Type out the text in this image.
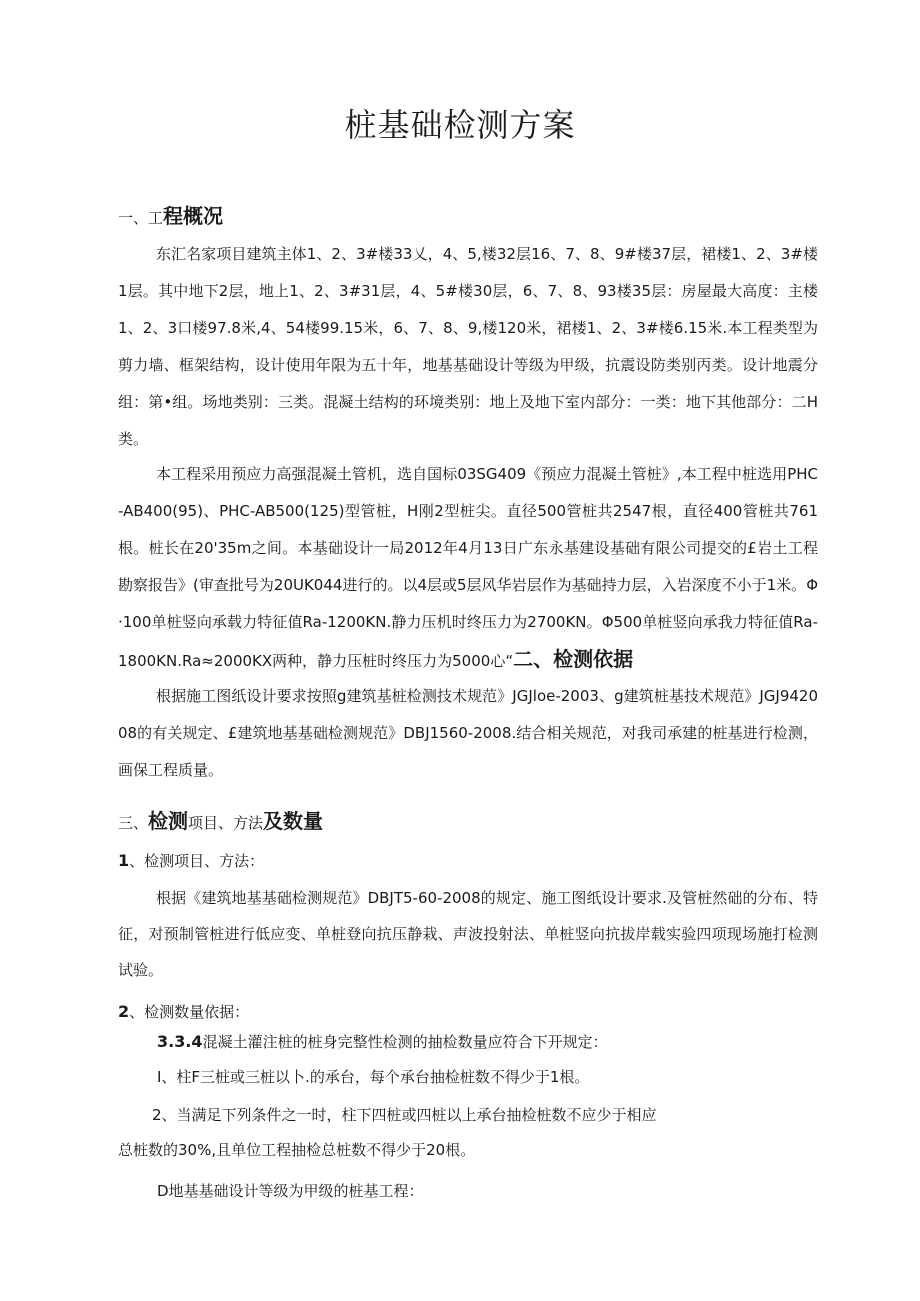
桩基础检测方案
一、工程概况

东汇名家项目建筑主体1、2、3#楼33乂，4、5,楼32层16、7、8、9#楼37层，裙楼1、2、3#楼1层。其中地下2层，地上1、2、3#31层，4、5#楼30层，6、7、8、93楼35层：房屋最大高度：主楼1、2、3口楼97.8米,4、54楼99.15米，6、7、8、9,楼120米，裙楼1、2、3#楼6.15米.本工程类型为剪力墙、框架结构，设计使用年限为五十年，地基基础设计等级为甲级，抗震设防类别丙类。设计地震分组：第•组。场地类别：三类。混凝土结构的环境类别：地上及地下室内部分：一类：地下其他部分：二H类。

本工程采用预应力高强混凝土管机，选自国标03SG409《预应力混凝土管桩》,本工程中桩选用PHC-AB400(95)、PHC-AB500(125)型管桩，H刚2型桩尖。直径500管桩共2547根，直径400管桩共761根。桩长在20'35m之间。本基础设计一局2012年4月13日广东永基建设基础有限公司提交的£岩土工程勘察报告》(审查批号为20UK044进行的。以4层或5层风华岩层作为基础持力层，入岩深度不小于1米。Φ·100单桩竖向承载力特征值Ra-1200KN.静力压机时终压力为2700KN。Φ500单桩竖向承我力特征值Ra-1800KN.Ra≈2000KX两种，静力压桩时终压力为5000心“二、检测依据

根据施工图纸设计要求按照g建筑基桩检测技术规范》JGJloe-2003、g建筑桩基技术规范》JGJ942008的有关规定、£建筑地基基础检测规范》DBJ1560-2008.结合相关规范，对我司承建的桩基进行检测，画保工程质量。

三、检测项目、方法及数量

1、检测项目、方法：

根据《建筑地基基础检测规范》DBJT5-60-2008的规定、施工图纸设计要求.及管桩然础的分布、特征，对预制管桩进行低应变、单桩登向抗压静栽、声波投射法、单桩竖向抗拔岸载实验四项现场施打检测试验。

2、检测数量依据：

3.3.4混凝土灌注桩的桩身完整性检测的抽检数量应符合下开规定：

I、柱F三桩或三桩以卜.的承台，每个承台抽检桩数不得少于1根。

2、当满足下列条件之一时，柱下四桩或四桩以上承台抽检桩数不应少于相应

总桩数的30%,且单位工程抽检总桩数不得少于20根。

D地基基础设计等级为甲级的桩基工程：
